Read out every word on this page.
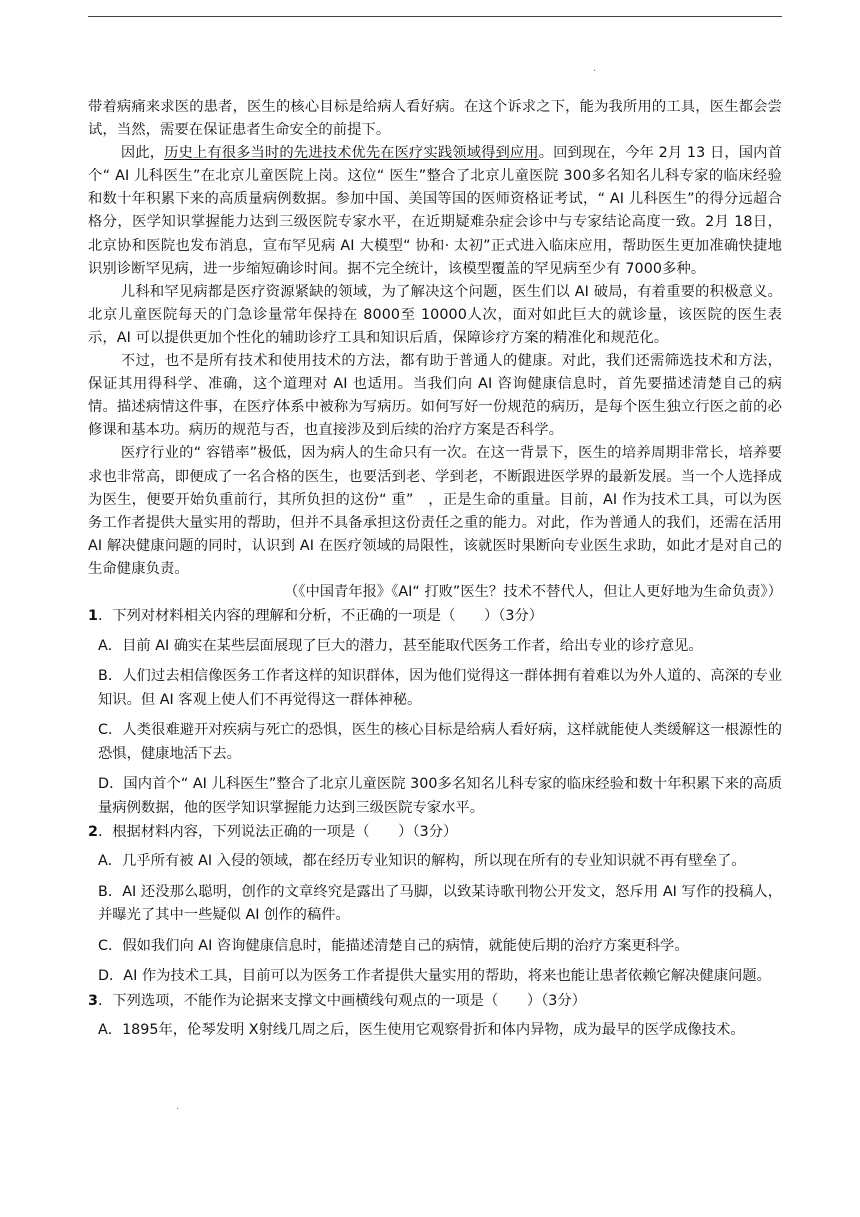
·
·

带着病痛来求医的患者，医生的核心目标是给病人看好病。在这个诉求之下，能为我所用的工具，医生都会尝试，当然，需要在保证患者生命安全的前提下。

因此，历史上有很多当时的先进技术优先在医疗实践领域得到应用。回到现在，今年 2月 13 日，国内首个“ AI 儿科医生”在北京儿童医院上岗。这位“ 医生”整合了北京儿童医院 300多名知名儿科专家的临床经验和数十年积累下来的高质量病例数据。参加中国、美国等国的医师资格证考试，“ AI 儿科医生”的得分远超合格分，医学知识掌握能力达到三级医院专家水平，在近期疑难杂症会诊中与专家结论高度一致。2月 18日，北京协和医院也发布消息，宣布罕见病 AI 大模型“ 协和· 太初”正式进入临床应用，帮助医生更加准确快捷地识别诊断罕见病，进一步缩短确诊时间。据不完全统计，该模型覆盖的罕见病至少有 7000多种。

儿科和罕见病都是医疗资源紧缺的领域，为了解决这个问题，医生们以 AI 破局，有着重要的积极意义。北京儿童医院每天的门急诊量常年保持在 8000至 10000人次，面对如此巨大的就诊量，该医院的医生表示，AI 可以提供更加个性化的辅助诊疗工具和知识后盾，保障诊疗方案的精准化和规范化。

不过，也不是所有技术和使用技术的方法，都有助于普通人的健康。对此，我们还需筛选技术和方法，保证其用得科学、准确，这个道理对 AI 也适用。当我们向 AI 咨询健康信息时，首先要描述清楚自己的病情。描述病情这件事，在医疗体系中被称为写病历。如何写好一份规范的病历，是每个医生独立行医之前的必修课和基本功。病历的规范与否，也直接涉及到后续的治疗方案是否科学。

医疗行业的“ 容错率”极低，因为病人的生命只有一次。在这一背景下，医生的培养周期非常长，培养要求也非常高，即便成了一名合格的医生，也要活到老、学到老，不断跟进医学界的最新发展。当一个人选择成为医生，便要开始负重前行，其所负担的这份“ 重”　，正是生命的重量。目前，AI 作为技术工具，可以为医务工作者提供大量实用的帮助，但并不具备承担这份责任之重的能力。对此，作为普通人的我们，还需在活用 AI 解决健康问题的同时，认识到 AI 在医疗领域的局限性，该就医时果断向专业医生求助，如此才是对自己的生命健康负责。

（《中国青年报》《AI“ 打败”医生？技术不替代人，但让人更好地为生命负责》）

1．下列对材料相关内容的理解和分析，不正确的一项是（　　）（3分）

A．目前 AI 确实在某些层面展现了巨大的潜力，甚至能取代医务工作者，给出专业的诊疗意见。

B．人们过去相信像医务工作者这样的知识群体，因为他们觉得这一群体拥有着难以为外人道的、高深的专业知识。但 AI 客观上使人们不再觉得这一群体神秘。

C．人类很难避开对疾病与死亡的恐惧，医生的核心目标是给病人看好病，这样就能使人类缓解这一根源性的恐惧，健康地活下去。

D．国内首个“ AI 儿科医生”整合了北京儿童医院 300多名知名儿科专家的临床经验和数十年积累下来的高质量病例数据，他的医学知识掌握能力达到三级医院专家水平。

2．根据材料内容，下列说法正确的一项是（　　）（3分）

A．几乎所有被 AI 入侵的领域，都在经历专业知识的解构，所以现在所有的专业知识就不再有壁垒了。

B．AI 还没那么聪明，创作的文章终究是露出了马脚，以致某诗歌刊物公开发文，怒斥用 AI 写作的投稿人，并曝光了其中一些疑似 AI 创作的稿件。

C．假如我们向 AI 咨询健康信息时，能描述清楚自己的病情，就能使后期的治疗方案更科学。

D．AI 作为技术工具，目前可以为医务工作者提供大量实用的帮助，将来也能让患者依赖它解决健康问题。

3．下列选项，不能作为论据来支撑文中画横线句观点的一项是（　　）（3分）

A．1895年，伦琴发明 X射线几周之后，医生使用它观察骨折和体内异物，成为最早的医学成像技术。
